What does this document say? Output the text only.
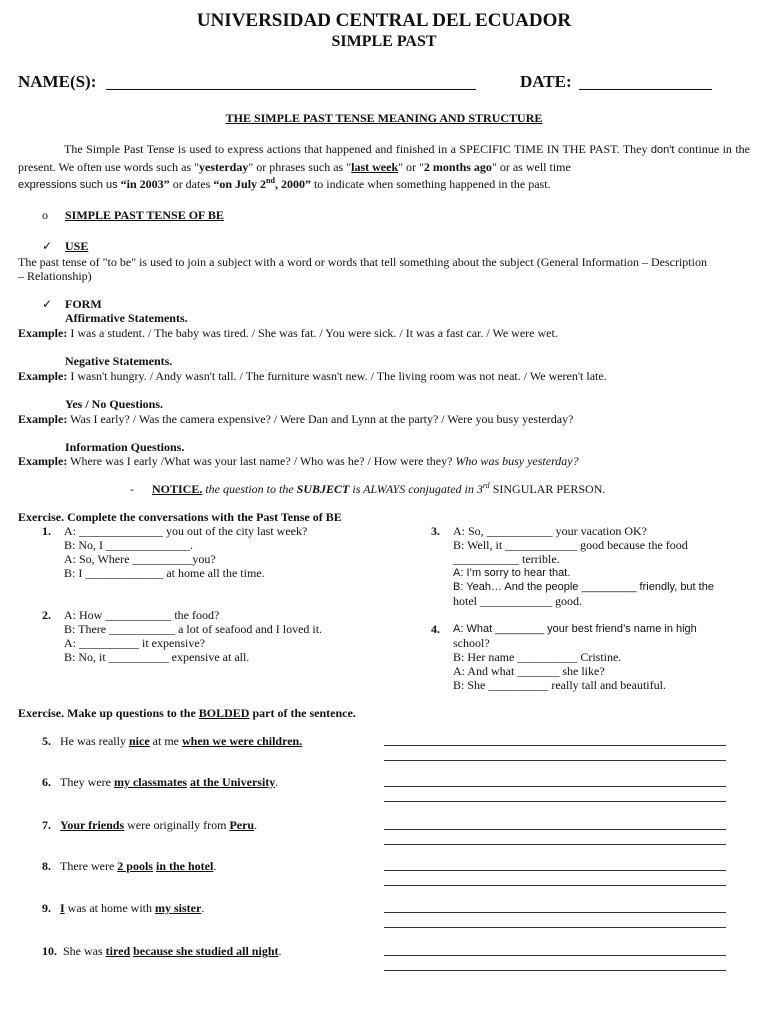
UNIVERSIDAD CENTRAL DEL ECUADOR
SIMPLE PAST
NAME(S):	DATE:
THE SIMPLE PAST TENSE MEANING AND STRUCTURE

The Simple Past Tense is used to express actions that happened and finished in a SPECIFIC TIME IN THE PAST. They don't continue in the present. We often use words such as "yesterday" or phrases such as "last week" or "2 months ago" or as well time

expressions such us “in 2003” or dates “on July 2nd, 2000” to indicate when something happened in the past.

o SIMPLE PAST TENSE OF BE
✓ USE
The past tense of "to be" is used to join a subject with a word or words that tell something about the subject (General Information – Description – Relationship)
✓ FORM
Affirmative Statements.
Example: I was a student. / The baby was tired. / She was fat. / You were sick. / It was a fast car. / We were wet.
Negative Statements.
Example: I wasn't hungry. / Andy wasn't tall. / The furniture wasn't new. / The living room was not neat. / We weren't late.
Yes / No Questions.
Example: Was I early? / Was the camera expensive? / Were Dan and Lynn at the party? / Were you busy yesterday?
Information Questions.
Example: Where was I early /What was your last name? / Who was he? / How were they? Who was busy yesterday?
- NOTICE. the question to the SUBJECT is ALWAYS conjugated in 3rd SINGULAR PERSON.
Exercise. Complete the conversations with the Past Tense of BE
1. A: ______________ you out of the city last week?
B: No, I ______________.
A: So, Where __________you?
B: I _____________ at home all the time.
2. A: How ___________ the food?
B: There ___________ a lot of seafood and I loved it.
A: __________ it expensive?
B: No, it __________ expensive at all.
3. A: So, ___________ your vacation OK?
B: Well, it ____________ good because the food
___________ terrible.
A: I’m sorry to hear that.
B: Yeah… And the people _________ friendly, but the
hotel ____________ good.
4. A: What ________ your best friend’s name in high
school?
B: Her name __________ Cristine.
A: And what _______ she like?
B: She __________ really tall and beautiful.
Exercise. Make up questions to the BOLDED part of the sentence.
5. He was really nice at me when we were children.
6. They were my classmates at the University.
7. Your friends were originally from Peru.
8. There were 2 pools in the hotel.
9. I was at home with my sister.
10. She was tired because she studied all night.
